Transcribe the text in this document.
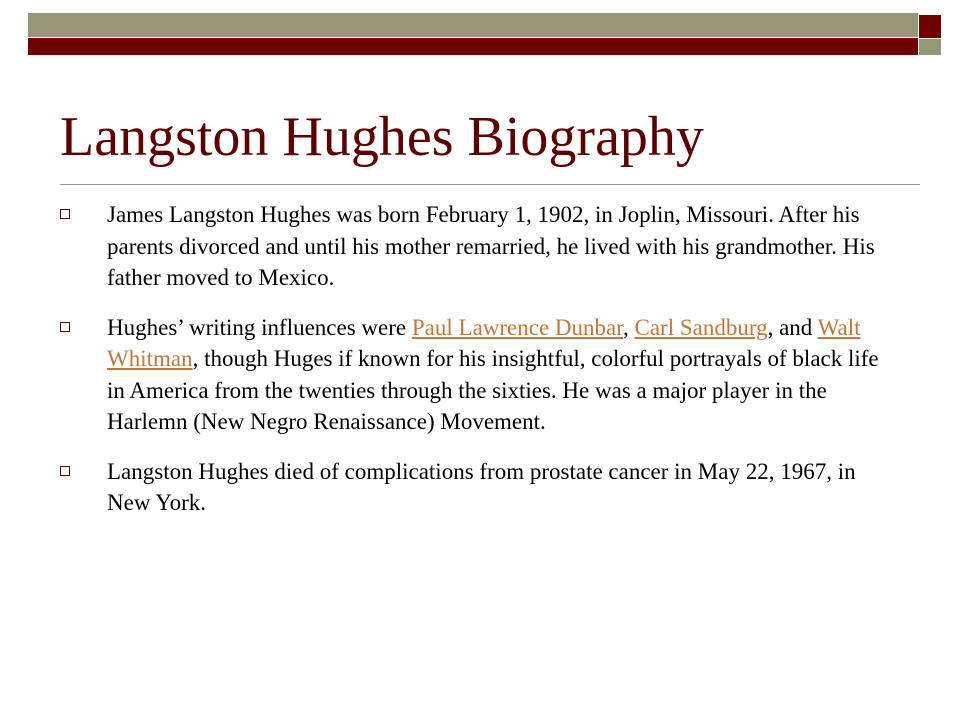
Langston Hughes Biography
James Langston Hughes was born February 1, 1902, in Joplin, Missouri. After his parents divorced and until his mother remarried, he lived with his grandmother. His father moved to Mexico.
Hughes’ writing influences were Paul Lawrence Dunbar, Carl Sandburg, and Walt Whitman, though Huges if known for his insightful, colorful portrayals of black life in America from the twenties through the sixties. He was a major player in the Harlemn (New Negro Renaissance) Movement.
Langston Hughes died of complications from prostate cancer in May 22, 1967, in New York.
